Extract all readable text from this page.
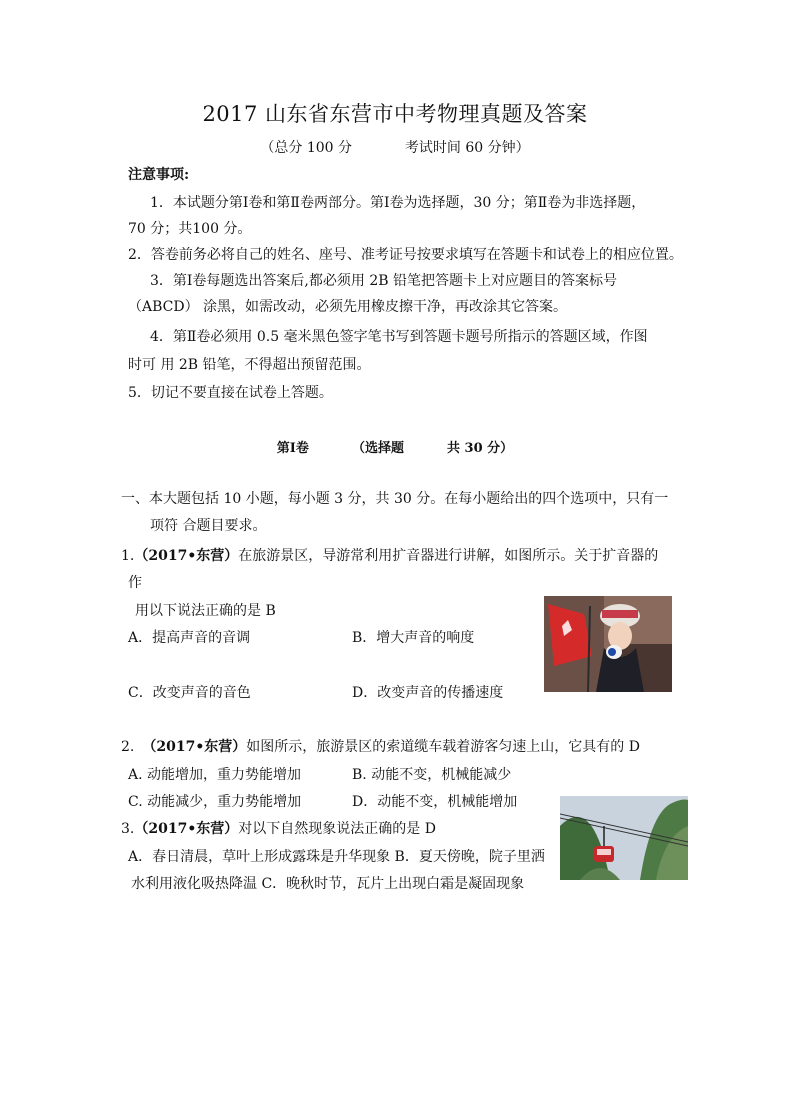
2017 山东省东营市中考物理真题及答案
（总分 100 分	考试时间 60 分钟）
注意事项:
1．本试题分第Ⅰ卷和第Ⅱ卷两部分。第Ⅰ卷为选择题，30 分；第Ⅱ卷为非选择题，
70 分；共100 分。
2．答卷前务必将自己的姓名、座号、准考证号按要求填写在答题卡和试卷上的相应位置。
3．第Ⅰ卷每题选出答案后,都必须用 2B 铅笔把答题卡上对应题目的答案标号
（ABCD） 涂黑，如需改动，必须先用橡皮擦干净，再改涂其它答案。
4．第Ⅱ卷必须用 0.5 毫米黑色签字笔书写到答题卡题号所指示的答题区域，作图
时可 用 2B 铅笔，不得超出预留范围。
5．切记不要直接在试卷上答题。
第Ⅰ卷	（选择题	共 30 分）
一、本大题包括 10 小题，每小题 3 分，共 30 分。在每小题给出的四个选项中，只有一
项符 合题目要求。
1.（2017•东营）在旅游景区，导游常利用扩音器进行讲解，如图所示。关于扩音器的
作
用以下说法正确的是 B
A．提高声音的音调	B．增大声音的响度
C．改变声音的音色	D．改变声音的传播速度
2. （2017•东营）如图所示，旅游景区的索道缆车载着游客匀速上山，它具有的 D
A. 动能增加，重力势能增加	B. 动能不变，机械能减少
C. 动能减少，重力势能增加	D．动能不变，机械能增加
3.（2017•东营）对以下自然现象说法正确的是 D
A．春日清晨，草叶上形成露珠是升华现象 B．夏天傍晚，院子里洒
水利用液化吸热降温 C．晚秋时节，瓦片上出现白霜是凝固现象
